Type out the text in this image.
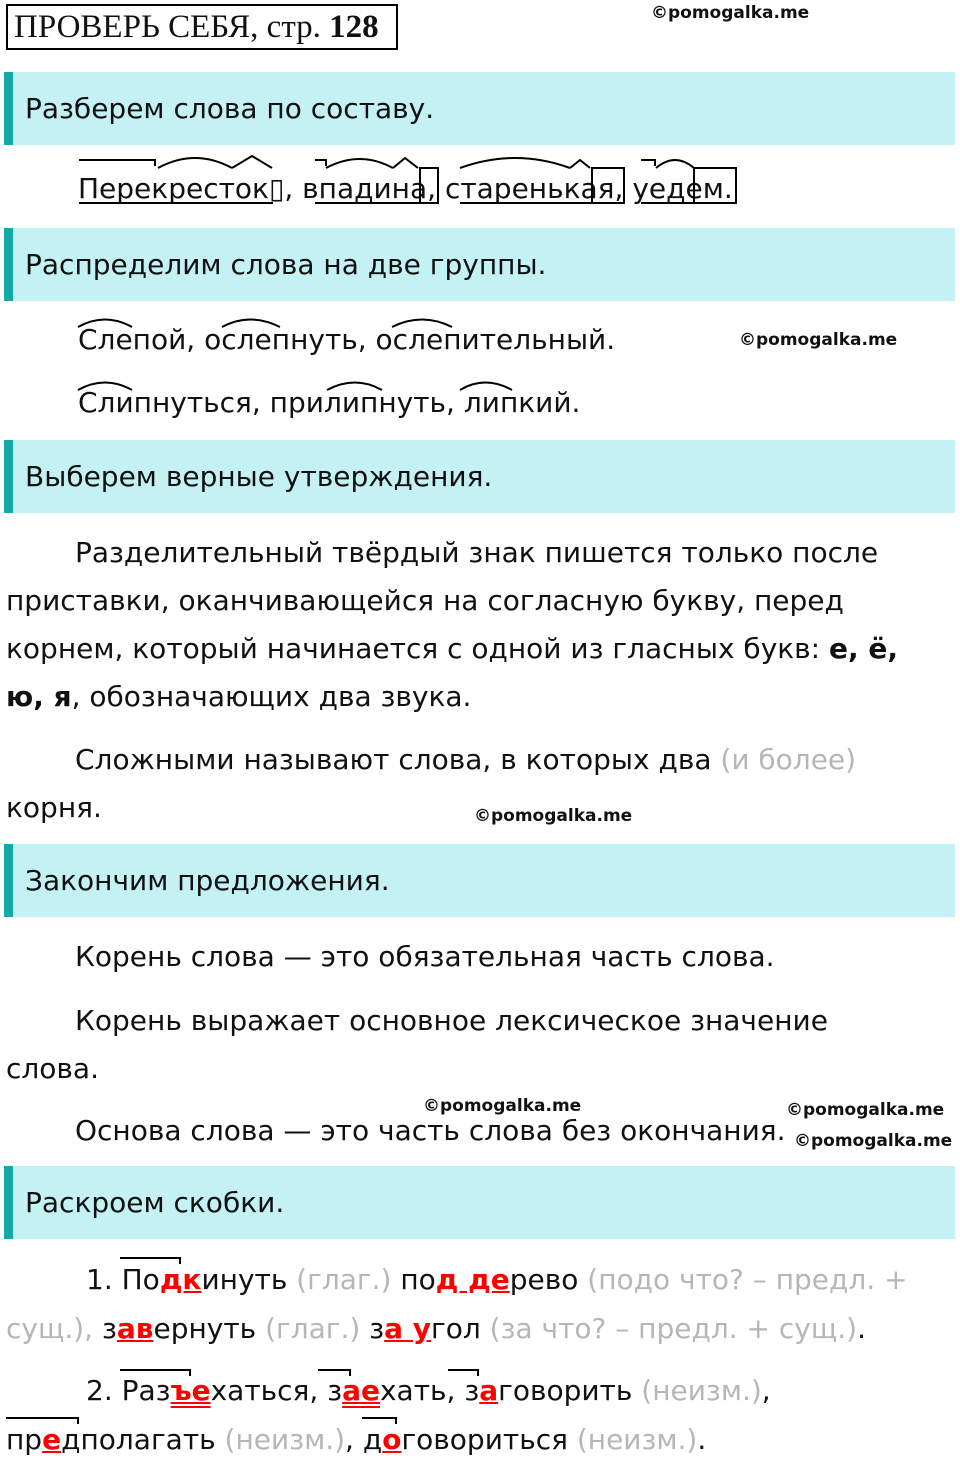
ПРОВЕРЬ СЕБЯ, стр. 128	©pomogalka.me
©pomogalka.me
©pomogalka.me
©pomogalka.me	©pomogalka.me
©pomogalka.me
Разберем слова по составу.
Перекресток▯, впадина, старенькая, уедем.
Распределим слова на две группы.
Слепой, ослепнуть, ослепительный.
Слипнуться, прилипнуть, липкий.
Выберем верные утверждения.
Разделительный твёрдый знак пишется только после
приставки, оканчивающейся на согласную букву, перед
корнем, который начинается с одной из гласных букв: е, ё,
ю, я, обозначающих два звука.
Сложными называют слова, в которых два (и более)
корня.
Закончим предложения.
Корень слова — это обязательная часть слова.
Корень выражает основное лексическое значение
слова.
Основа слова — это часть слова без окончания.
Раскроем скобки.
1. Подкинуть (глаг.) под дерево (подо что? – предл. +
сущ.), завернуть (глаг.) за угол (за что? – предл. + сущ.).
2. Разъехаться, заехать, заговорить (неизм.),
предполагать (неизм.), договориться (неизм.).
